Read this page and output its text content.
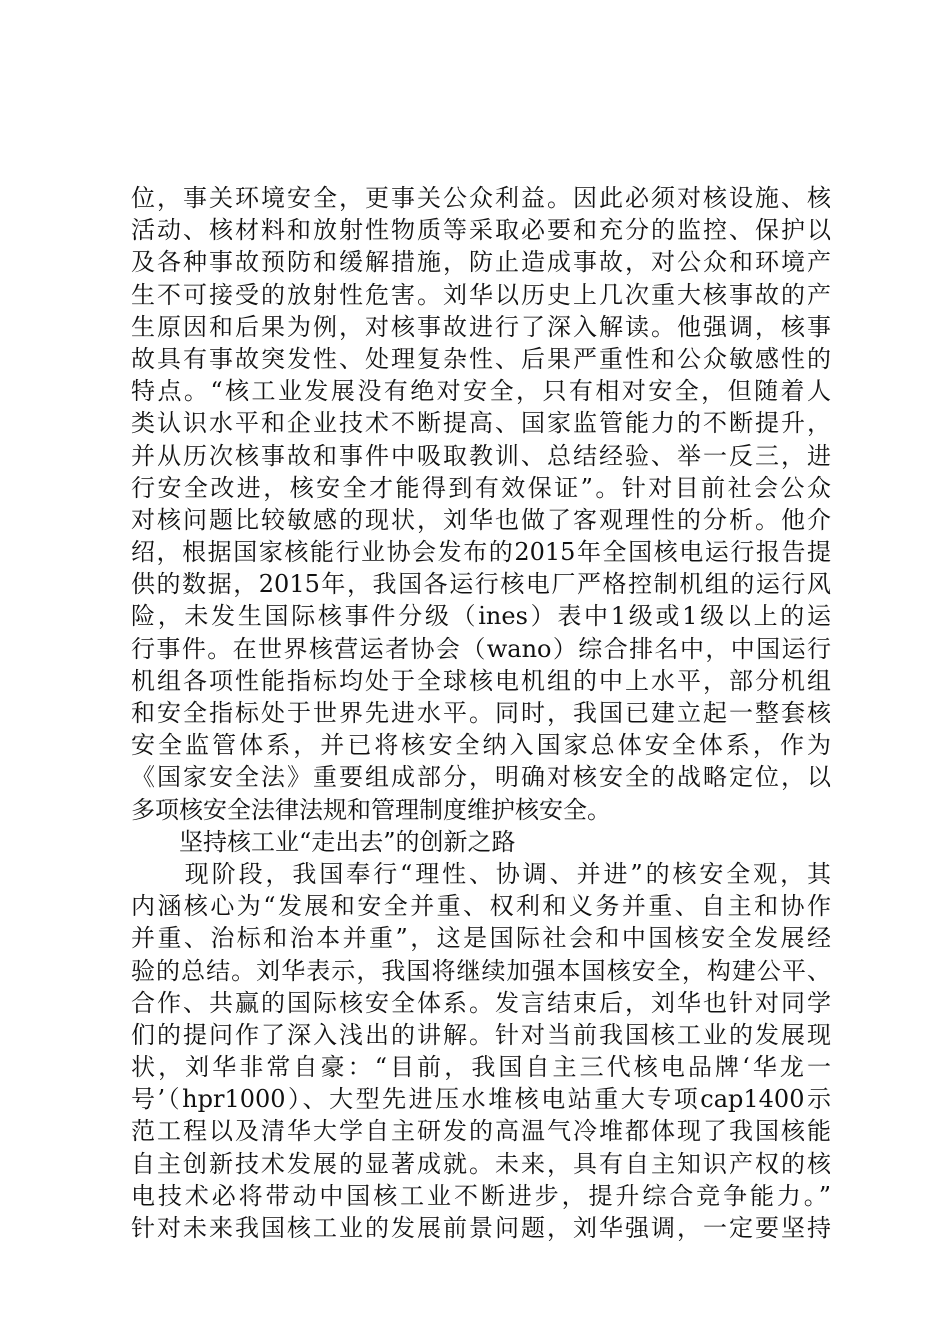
位，事关环境安全，更事关公众利益。因此必须对核设施、核
活动、核材料和放射性物质等采取必要和充分的监控、保护以
及各种事故预防和缓解措施，防止造成事故，对公众和环境产
生不可接受的放射性危害。刘华以历史上几次重大核事故的产
生原因和后果为例，对核事故进行了深入解读。他强调，核事
故具有事故突发性、处理复杂性、后果严重性和公众敏感性的
特点。“核工业发展没有绝对安全，只有相对安全，但随着人
类认识水平和企业技术不断提高、国家监管能力的不断提升，
并从历次核事故和事件中吸取教训、总结经验、举一反三，进
行安全改进，核安全才能得到有效保证”。针对目前社会公众
对核问题比较敏感的现状，刘华也做了客观理性的分析。他介
绍，根据国家核能行业协会发布的2015年全国核电运行报告提
供的数据，2015年，我国各运行核电厂严格控制机组的运行风
险，未发生国际核事件分级（ines）表中1级或1级以上的运
行事件。在世界核营运者协会（wano）综合排名中，中国运行
机组各项性能指标均处于全球核电机组的中上水平，部分机组
和安全指标处于世界先进水平。同时，我国已建立起一整套核
安全监管体系，并已将核安全纳入国家总体安全体系，作为
《国家安全法》重要组成部分，明确对核安全的战略定位，以
多项核安全法律法规和管理制度维护核安全。
坚持核工业“走出去”的创新之路
　　现阶段，我国奉行“理性、协调、并进”的核安全观，其
内涵核心为“发展和安全并重、权利和义务并重、自主和协作
并重、治标和治本并重”，这是国际社会和中国核安全发展经
验的总结。刘华表示，我国将继续加强本国核安全，构建公平、
合作、共赢的国际核安全体系。发言结束后，刘华也针对同学
们的提问作了深入浅出的讲解。针对当前我国核工业的发展现
状，刘华非常自豪：“目前，我国自主三代核电品牌‘华龙一
号’（hpr1000）、大型先进压水堆核电站重大专项cap1400示
范工程以及清华大学自主研发的高温气冷堆都体现了我国核能
自主创新技术发展的显著成就。未来，具有自主知识产权的核
电技术必将带动中国核工业不断进步，提升综合竞争能力。”
针对未来我国核工业的发展前景问题，刘华强调，一定要坚持
